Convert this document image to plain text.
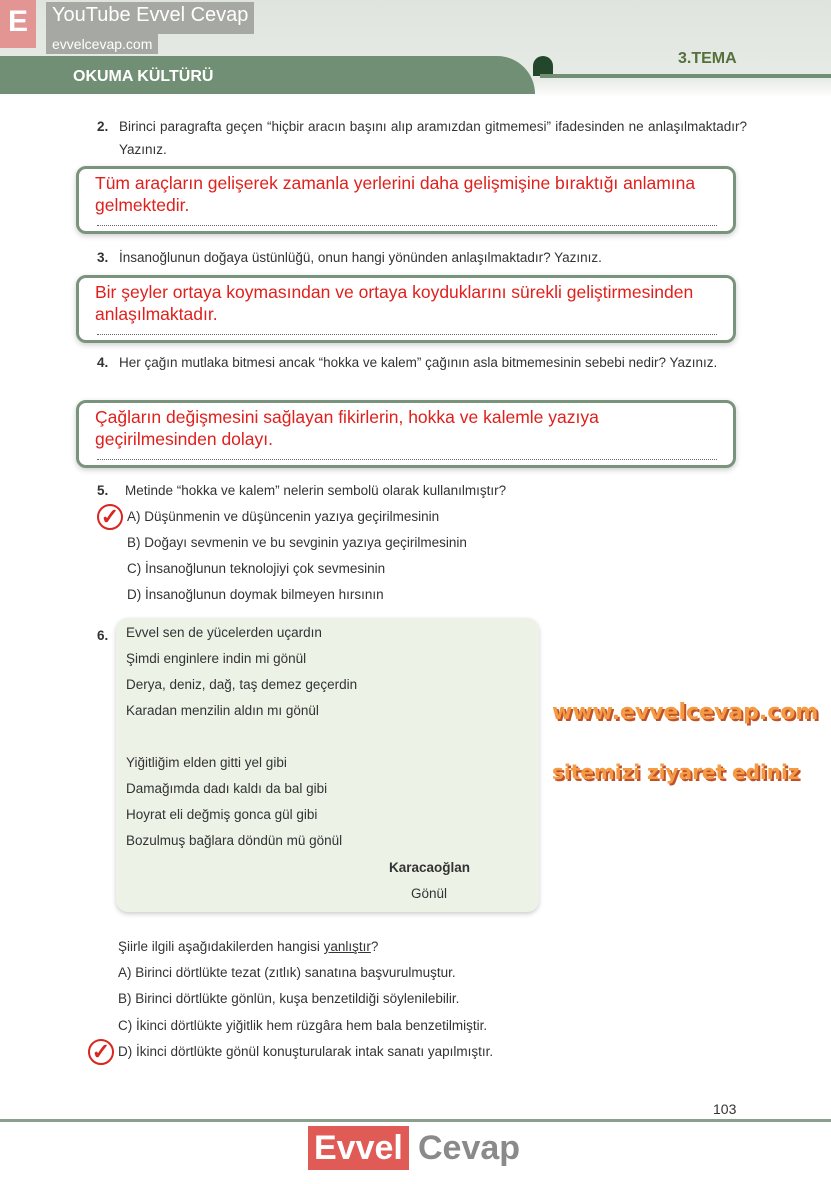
E	YouTube Evvel Cevap
evvelcevap.com
OKUMA KÜLTÜRÜ
3.TEMA
2. Birinci paragrafta geçen “hiçbir aracın başını alıp aramızdan gitmemesi” ifadesinden ne anlaşılmaktadır? Yazınız.
Tüm araçların gelişerek zamanla yerlerini daha gelişmişine bıraktığı anlamına gelmektedir.
3. İnsanoğlunun doğaya üstünlüğü, onun hangi yönünden anlaşılmaktadır? Yazınız.
Bir şeyler ortaya koymasından ve ortaya koyduklarını sürekli geliştirmesinden anlaşılmaktadır.
4. Her çağın mutlaka bitmesi ancak “hokka ve kalem” çağının asla bitmemesinin sebebi nedir? Yazınız.
Çağların değişmesini sağlayan fikirlerin, hokka ve kalemle yazıya geçirilmesinden dolayı.
5. Metinde “hokka ve kalem” nelerin sembolü olarak kullanılmıştır?
A) Düşünmenin ve düşüncenin yazıya geçirilmesinin
B) Doğayı sevmenin ve bu sevginin yazıya geçirilmesinin
C) İnsanoğlunun teknolojiyi çok sevmesinin
D) İnsanoğlunun doymak bilmeyen hırsının
✓
6. Evvel sen de yücelerden uçardın
Şimdi enginlere indin mi gönül
Derya, deniz, dağ, taş demez geçerdin
Karadan menzilin aldın mı gönül
Yiğitliğim elden gitti yel gibi
Damağımda dadı kaldı da bal gibi
Hoyrat eli değmiş gonca gül gibi
Bozulmuş bağlara döndün mü gönül
Karacaoğlan
Gönül
Şiirle ilgili aşağıdakilerden hangisi yanlıştır?
A) Birinci dörtlükte tezat (zıtlık) sanatına başvurulmuştur.
B) Birinci dörtlükte gönlün, kuşa benzetildiği söylenilebilir.
C) İkinci dörtlükte yiğitlik hem rüzgâra hem bala benzetilmiştir.
D) İkinci dörtlükte gönül konuşturularak intak sanatı yapılmıştır.
✓
www.evvelcevap.com
sitemizi ziyaret ediniz
103
Evvel Cevap
